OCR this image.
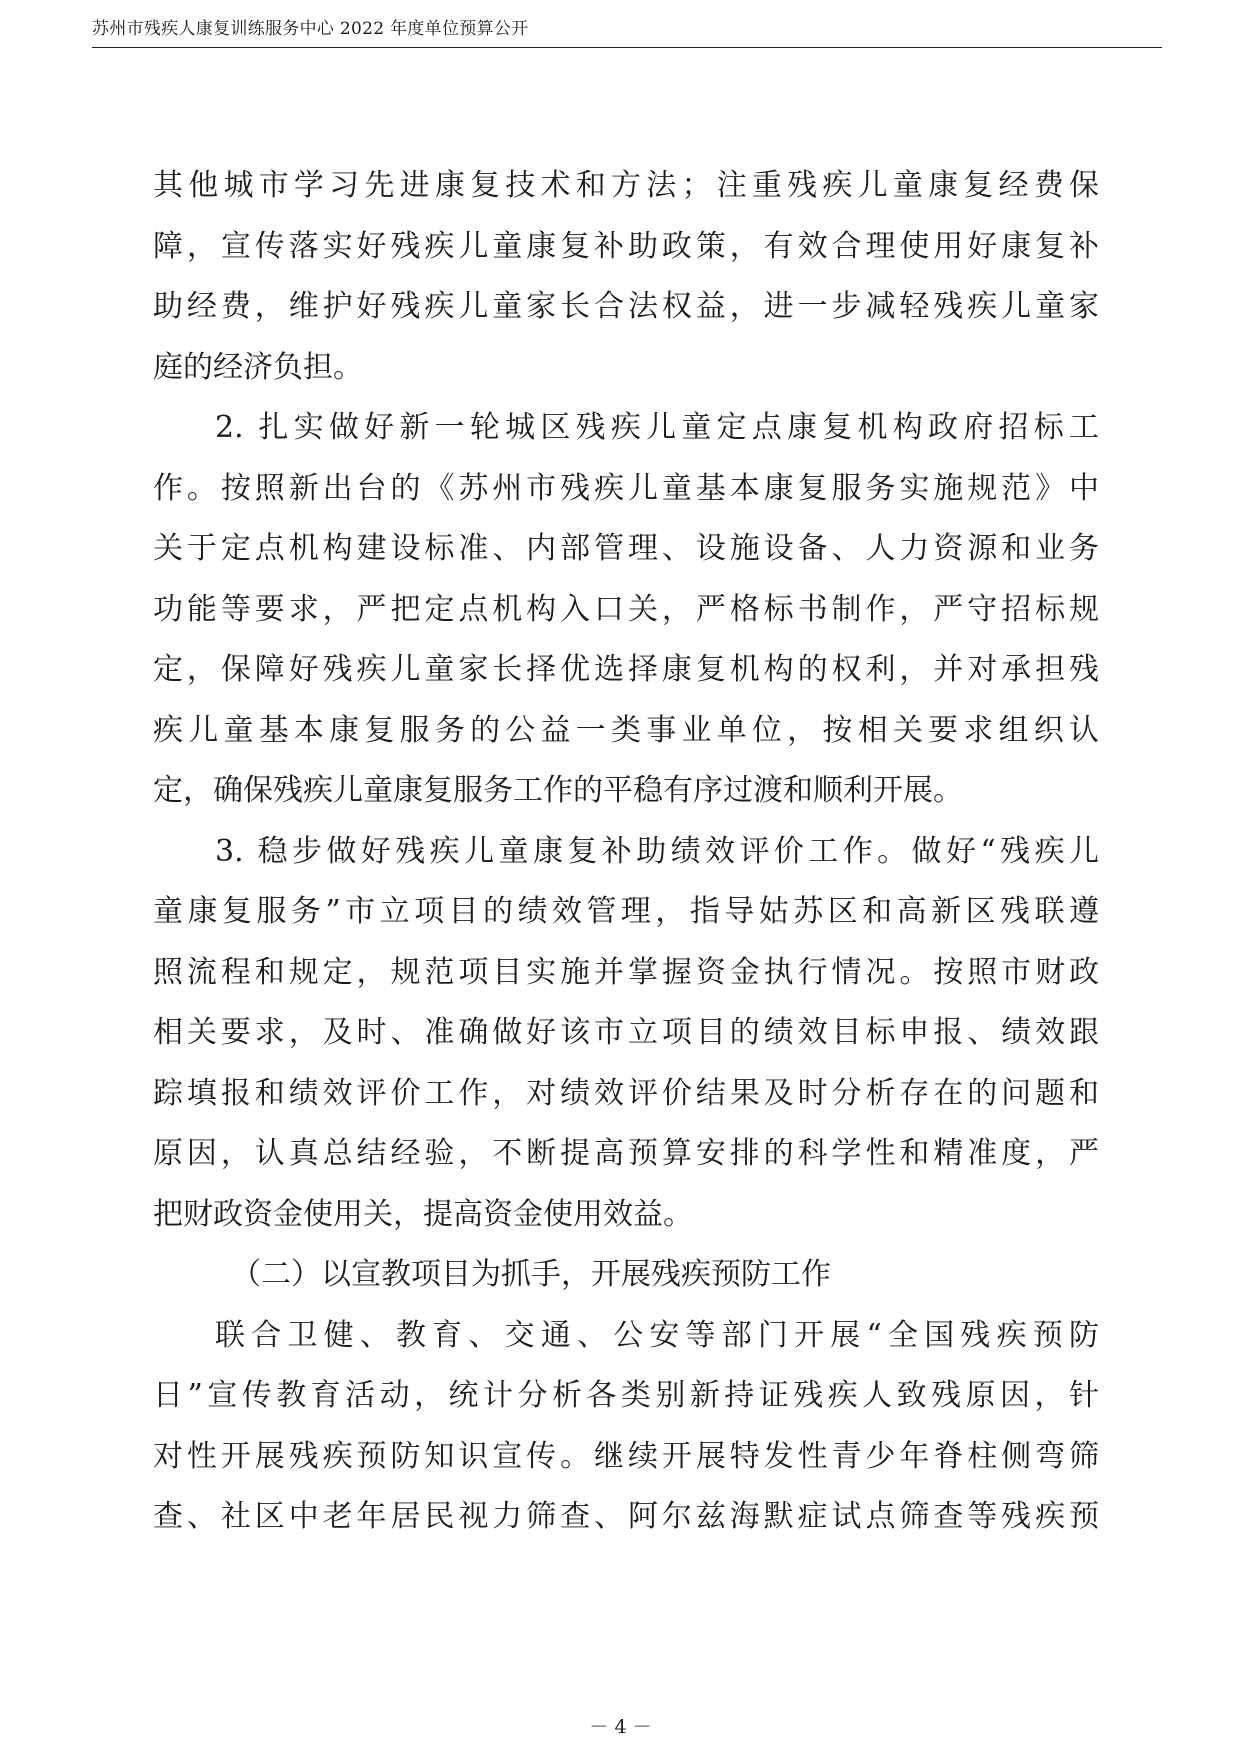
苏州市残疾人康复训练服务中心 2022 年度单位预算公开
其他城市学习先进康复技术和方法；注重残疾儿童康复经费保
障，宣传落实好残疾儿童康复补助政策，有效合理使用好康复补
助经费，维护好残疾儿童家长合法权益，进一步减轻残疾儿童家
庭的经济负担。
2. 扎实做好新一轮城区残疾儿童定点康复机构政府招标工
作。按照新出台的《苏州市残疾儿童基本康复服务实施规范》中
关于定点机构建设标准、内部管理、设施设备、人力资源和业务
功能等要求，严把定点机构入口关，严格标书制作，严守招标规
定，保障好残疾儿童家长择优选择康复机构的权利，并对承担残
疾儿童基本康复服务的公益一类事业单位，按相关要求组织认
定，确保残疾儿童康复服务工作的平稳有序过渡和顺利开展。
3. 稳步做好残疾儿童康复补助绩效评价工作。做好“残疾儿
童康复服务”市立项目的绩效管理，指导姑苏区和高新区残联遵
照流程和规定，规范项目实施并掌握资金执行情况。按照市财政
相关要求，及时、准确做好该市立项目的绩效目标申报、绩效跟
踪填报和绩效评价工作，对绩效评价结果及时分析存在的问题和
原因，认真总结经验，不断提高预算安排的科学性和精准度，严
把财政资金使用关，提高资金使用效益。
（二）以宣教项目为抓手，开展残疾预防工作
联合卫健、教育、交通、公安等部门开展“全国残疾预防
日”宣传教育活动，统计分析各类别新持证残疾人致残原因，针
对性开展残疾预防知识宣传。继续开展特发性青少年脊柱侧弯筛
查、社区中老年居民视力筛查、阿尔兹海默症试点筛查等残疾预
－ 4 －
